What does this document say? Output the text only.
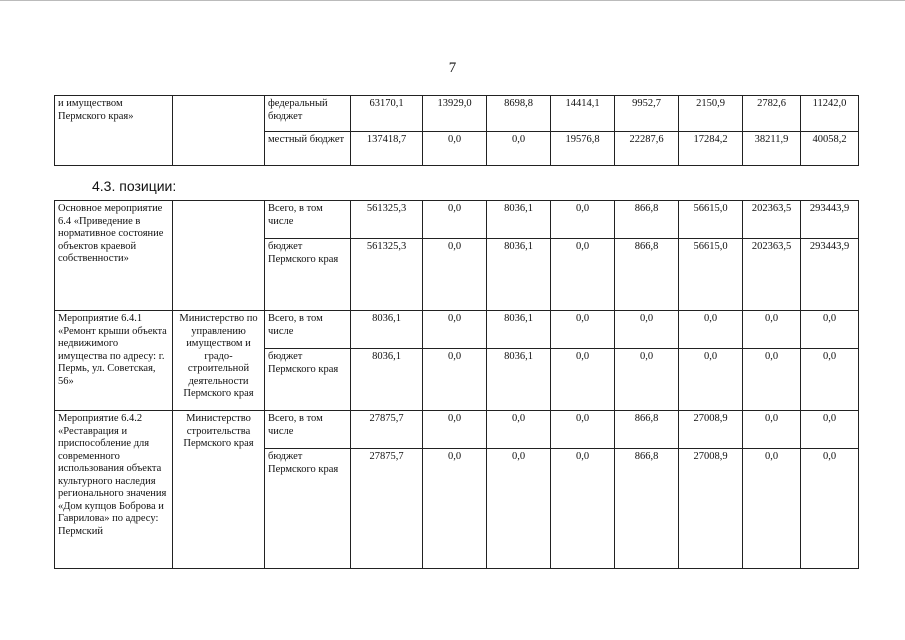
7
и имуществом Пермского края»		федеральный бюджет	63170,1	13929,0	8698,8	14414,1	9952,7	2150,9	2782,6	11242,0
		местный бюджет	137418,7	0,0	0,0	19576,8	22287,6	17284,2	38211,9	40058,2
4.3. позиции:
Основное мероприятие 6.4 «Приведение в нормативное состояние объектов краевой собственности»		Всего, в том числе	561325,3	0,0	8036,1	0,0	866,8	56615,0	202363,5	293443,9
		бюджет Пермского края	561325,3	0,0	8036,1	0,0	866,8	56615,0	202363,5	293443,9
Мероприятие 6.4.1 «Ремонт крыши объекта недвижимого имущества по адресу: г. Пермь, ул. Советская, 56»	Министерство по управлению имуществом и градо-строительной деятельности Пермского края	Всего, в том числе	8036,1	0,0	8036,1	0,0	0,0	0,0	0,0	0,0
		бюджет Пермского края	8036,1	0,0	8036,1	0,0	0,0	0,0	0,0	0,0
Мероприятие 6.4.2 «Реставрация и приспособление для современного использования объекта культурного наследия регионального значения «Дом купцов Боброва и Гаврилова» по адресу: Пермский	Министерство строительства Пермского края	Всего, в том числе	27875,7	0,0	0,0	0,0	866,8	27008,9	0,0	0,0
		бюджет Пермского края	27875,7	0,0	0,0	0,0	866,8	27008,9	0,0	0,0
